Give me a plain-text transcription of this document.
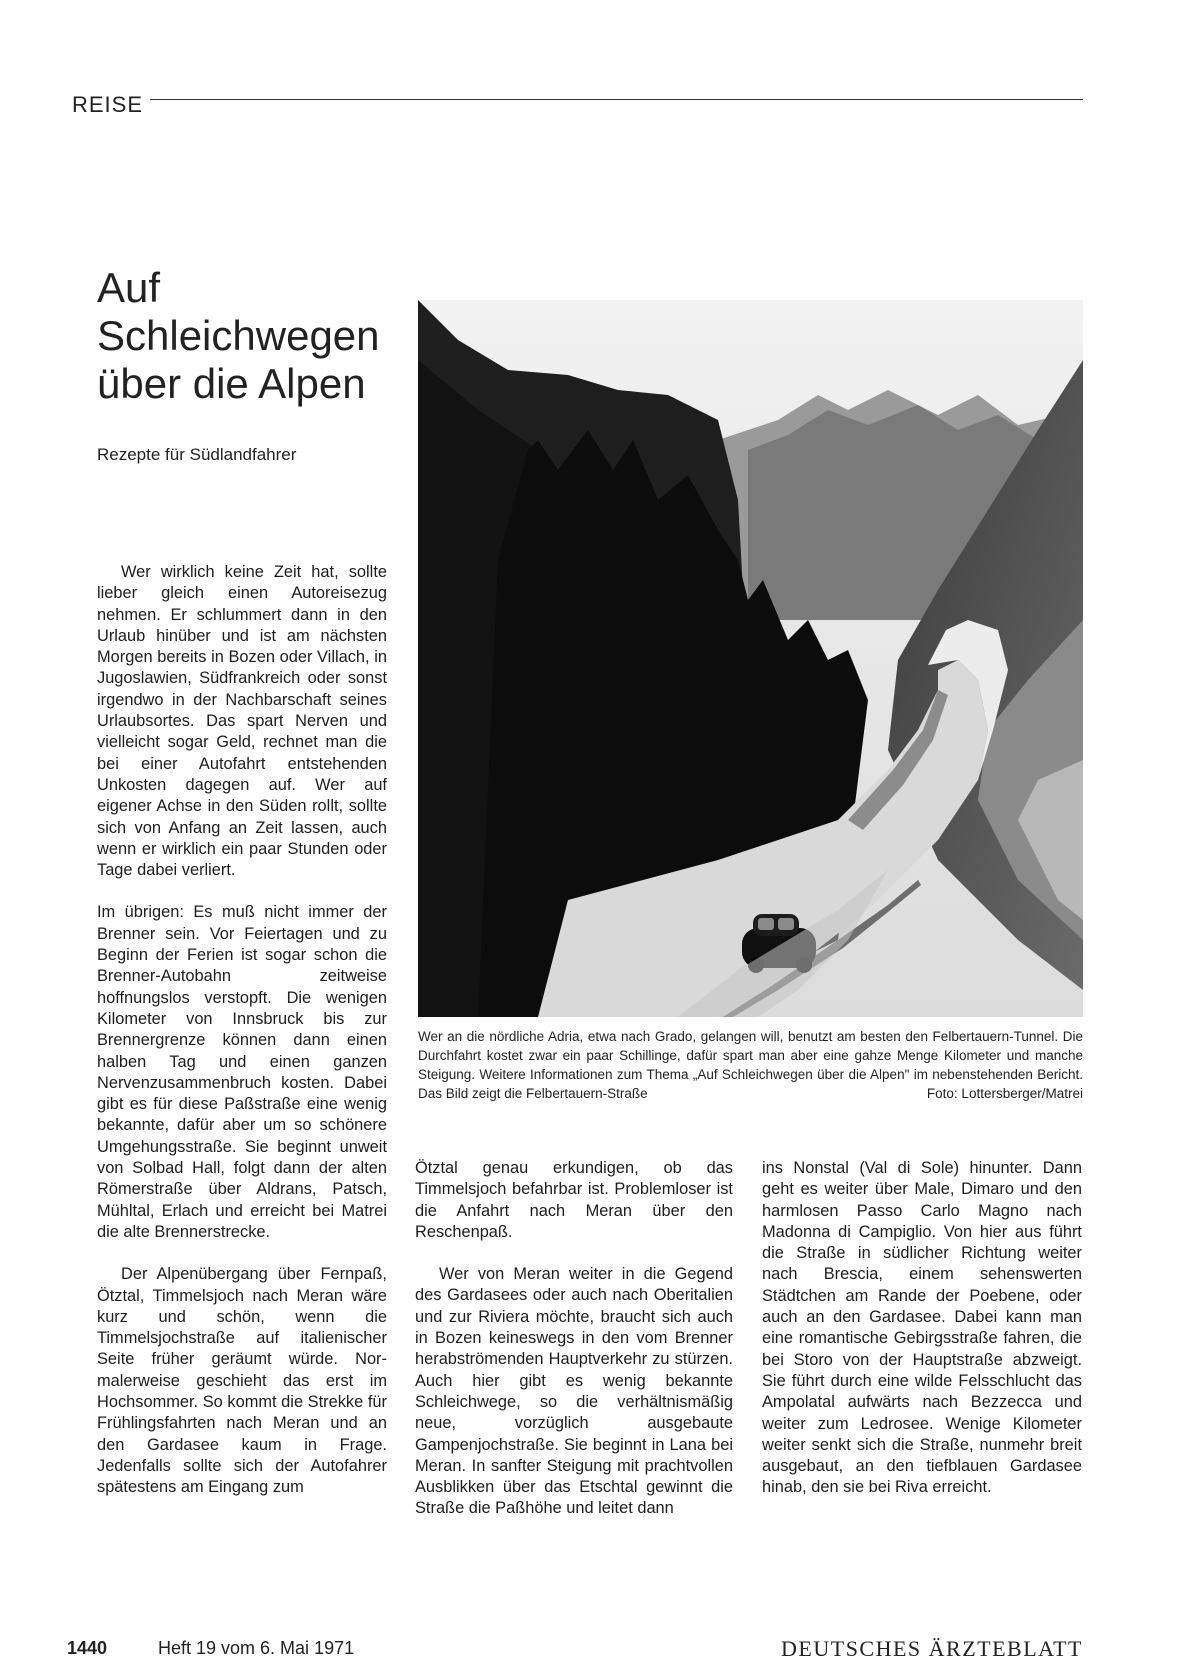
REISE
Auf Schleichwegen über die Alpen
Rezepte für Südlandfahrer

Wer wirklich keine Zeit hat, sollte lieber gleich einen Autoreisezug nehmen. Er schlummert dann in den Urlaub hinüber und ist am nächsten Morgen bereits in Bozen oder Villach, in Jugoslawien, Südfrankreich oder sonst irgendwo in der Nachbarschaft seines Urlaubsortes. Das spart Nerven und vielleicht sogar Geld, rechnet man die bei einer Autofahrt entstehenden Unkosten dagegen auf. Wer auf eigener Achse in den Süden rollt, sollte sich von Anfang an Zeit lassen, auch wenn er wirklich ein paar Stunden oder Tage dabei verliert.

Im übrigen: Es muß nicht immer der Brenner sein. Vor Feiertagen und zu Beginn der Ferien ist sogar schon die Brenner-Autobahn zeitweise hoffnungslos verstopft. Die wenigen Kilometer von Innsbruck bis zur Brennergrenze können dann einen halben Tag und einen ganzen Nervenzusammenbruch kosten. Dabei gibt es für diese Paßstraße eine wenig bekannte, dafür aber um so schönere Umgehungsstraße. Sie beginnt unweit von Solbad Hall, folgt dann der alten Römerstraße über Aldrans, Patsch, Mühltal, Erlach und erreicht bei Matrei die alte Brennerstrecke.

Der Alpenübergang über Fernpaß, Ötztal, Timmelsjoch nach Meran wäre kurz und schön, wenn die Timmelsjochstraße auf italienischer Seite früher geräumt würde. Normalerweise geschieht das erst im Hochsommer. So kommt die Strekke für Frühlingsfahrten nach Meran und an den Gardasee kaum in Frage. Jedenfalls sollte sich der Autofahrer spätestens am Eingang zum

Wer an die nördliche Adria, etwa nach Grado, gelangen will, benutzt am besten den Felbertauern-Tunnel. Die Durchfahrt kostet zwar ein paar Schillinge, dafür spart man aber eine gahze Menge Kilometer und manche Steigung. Weitere Informationen zum Thema „Auf Schleichwegen über die Alpen" im nebenstehenden Bericht. Das Bild zeigt die Felbertauern-Straße	Foto: Lottersberger/Matrei

Ötztal genau erkundigen, ob das Timmelsjoch befahrbar ist. Problemloser ist die Anfahrt nach Meran über den Reschenpaß.

Wer von Meran weiter in die Gegend des Gardasees oder auch nach Oberitalien und zur Riviera möchte, braucht sich auch in Bozen keineswegs in den vom Brenner herabströmenden Hauptverkehr zu stürzen. Auch hier gibt es wenig bekannte Schleichwege, so die verhältnismäßig neue, vorzüglich ausgebaute Gampenjochstraße. Sie beginnt in Lana bei Meran. In sanfter Steigung mit prachtvollen Ausblikken über das Etschtal gewinnt die Straße die Paßhöhe und leitet dann

ins Nonstal (Val di Sole) hinunter. Dann geht es weiter über Male, Dimaro und den harmlosen Passo Carlo Magno nach Madonna di Campiglio. Von hier aus führt die Straße in südlicher Richtung weiter nach Brescia, einem sehenswerten Städtchen am Rande der Poebene, oder auch an den Gardasee. Dabei kann man eine romantische Gebirgsstraße fahren, die bei Storo von der Hauptstraße abzweigt. Sie führt durch eine wilde Felsschlucht das Ampolatal aufwärts nach Bezzecca und weiter zum Ledrosee. Wenige Kilometer weiter senkt sich die Straße, nunmehr breit ausgebaut, an den tiefblauen Gardasee hinab, den sie bei Riva erreicht.

1440	Heft 19 vom 6. Mai 1971	DEUTSCHES ÄRZTEBLATT
